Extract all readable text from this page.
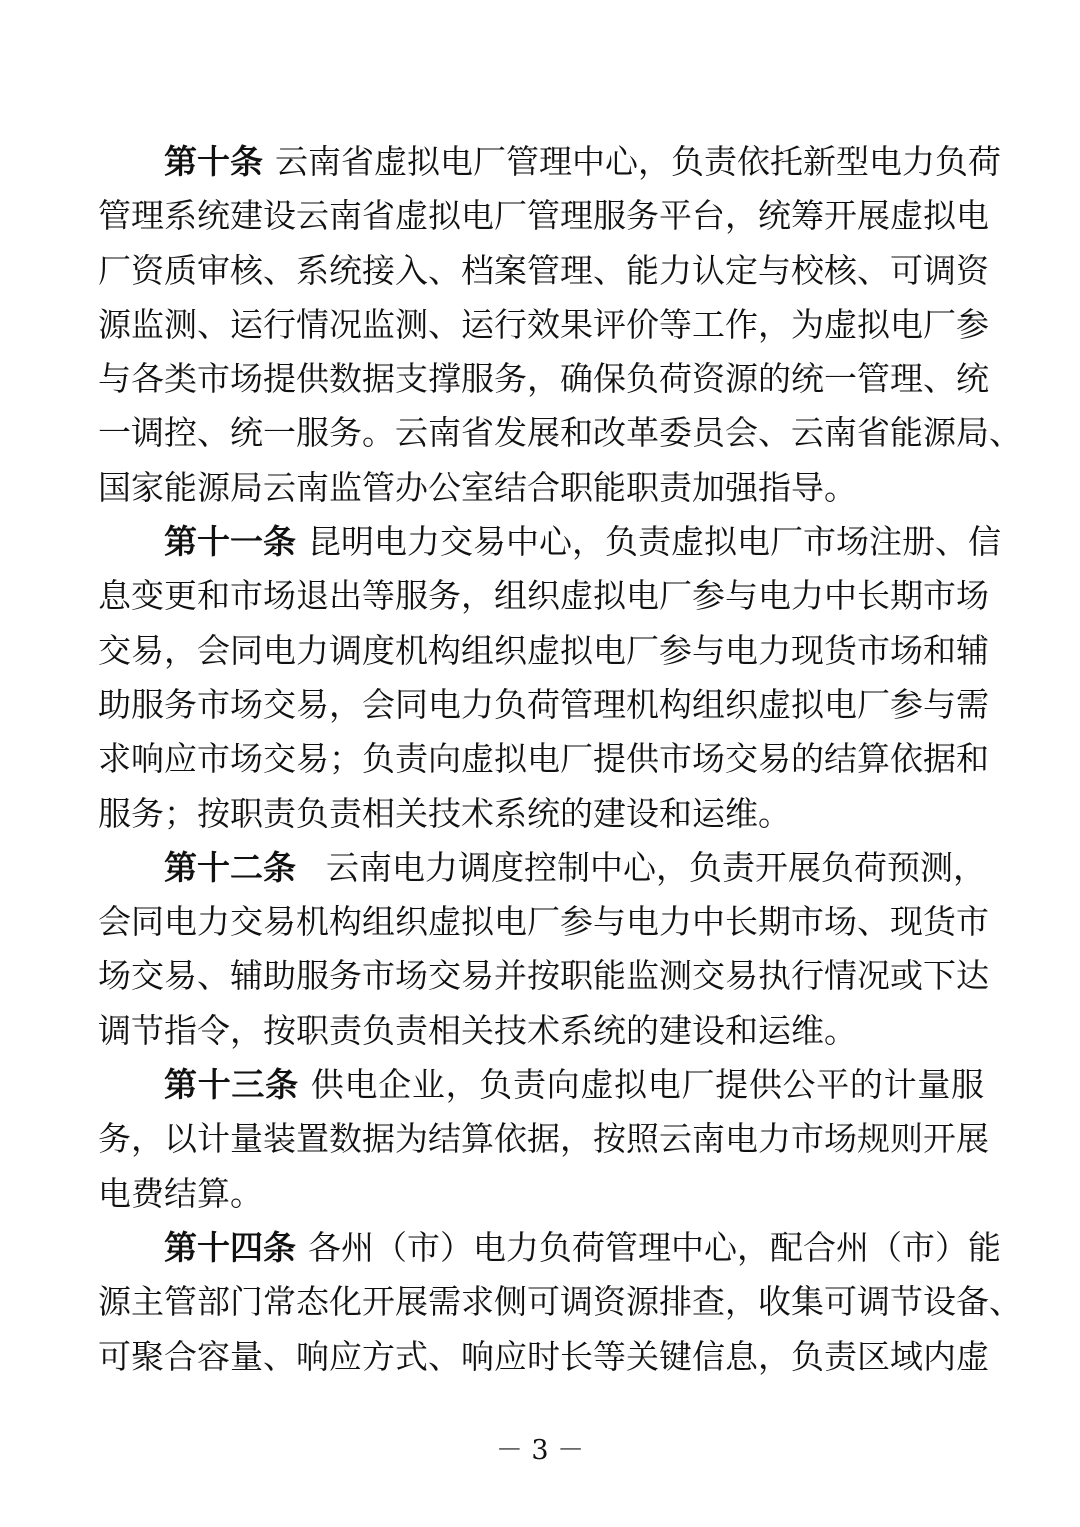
第十条 云南省虚拟电厂管理中心，负责依托新型电力负荷
管理系统建设云南省虚拟电厂管理服务平台，统筹开展虚拟电
厂资质审核、系统接入、档案管理、能力认定与校核、可调资
源监测、运行情况监测、运行效果评价等工作，为虚拟电厂参
与各类市场提供数据支撑服务，确保负荷资源的统一管理、统
一调控、统一服务。云南省发展和改革委员会、云南省能源局、
国家能源局云南监管办公室结合职能职责加强指导。
第十一条 昆明电力交易中心，负责虚拟电厂市场注册、信
息变更和市场退出等服务，组织虚拟电厂参与电力中长期市场
交易，会同电力调度机构组织虚拟电厂参与电力现货市场和辅
助服务市场交易，会同电力负荷管理机构组织虚拟电厂参与需
求响应市场交易；负责向虚拟电厂提供市场交易的结算依据和
服务；按职责负责相关技术系统的建设和运维。
第十二条 云南电力调度控制中心，负责开展负荷预测，
会同电力交易机构组织虚拟电厂参与电力中长期市场、现货市
场交易、辅助服务市场交易并按职能监测交易执行情况或下达
调节指令，按职责负责相关技术系统的建设和运维。
第十三条 供电企业，负责向虚拟电厂提供公平的计量服
务，以计量装置数据为结算依据，按照云南电力市场规则开展
电费结算。
第十四条 各州（市）电力负荷管理中心，配合州（市）能
源主管部门常态化开展需求侧可调资源排查，收集可调节设备、
可聚合容量、响应方式、响应时长等关键信息，负责区域内虚
－ 3 －
